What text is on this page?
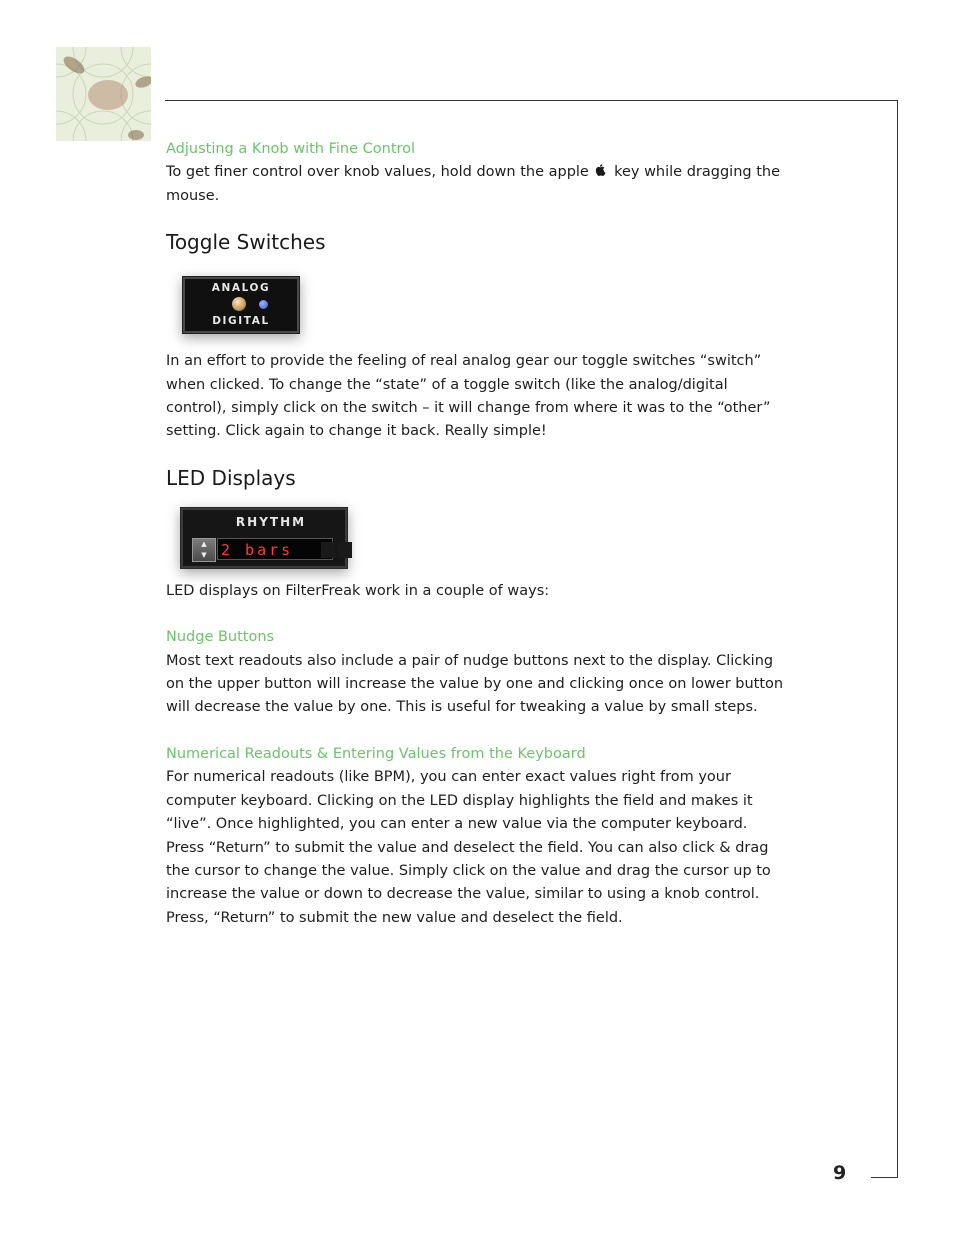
9
Adjusting a Knob with Fine Control

To get finer control over knob values, hold down the apple key while dragging the mouse.

Toggle Switches
ANALOG
DIGITAL

In an effort to provide the feeling of real analog gear our toggle switches “switch” when clicked. To change the “state” of a toggle switch (like the analog/digital control), simply click on the switch – it will change from where it was to the “other” setting. Click again to change it back. Really simple!

LED Displays
RHYTHM
▲
▼ 2 bars

LED displays on FilterFreak work in a couple of ways:

Nudge Buttons

Most text readouts also include a pair of nudge buttons next to the display. Clicking on the upper button will increase the value by one and clicking once on lower button will decrease the value by one. This is useful for tweaking a value by small steps.

Numerical Readouts & Entering Values from the Keyboard

For numerical readouts (like BPM), you can enter exact values right from your computer keyboard. Clicking on the LED display highlights the field and makes it “live”. Once highlighted, you can enter a new value via the computer keyboard. Press “Return” to submit the value and deselect the field. You can also click & drag the cursor to change the value. Simply click on the value and drag the cursor up to increase the value or down to decrease the value, similar to using a knob control. Press, “Return” to submit the new value and deselect the field.
